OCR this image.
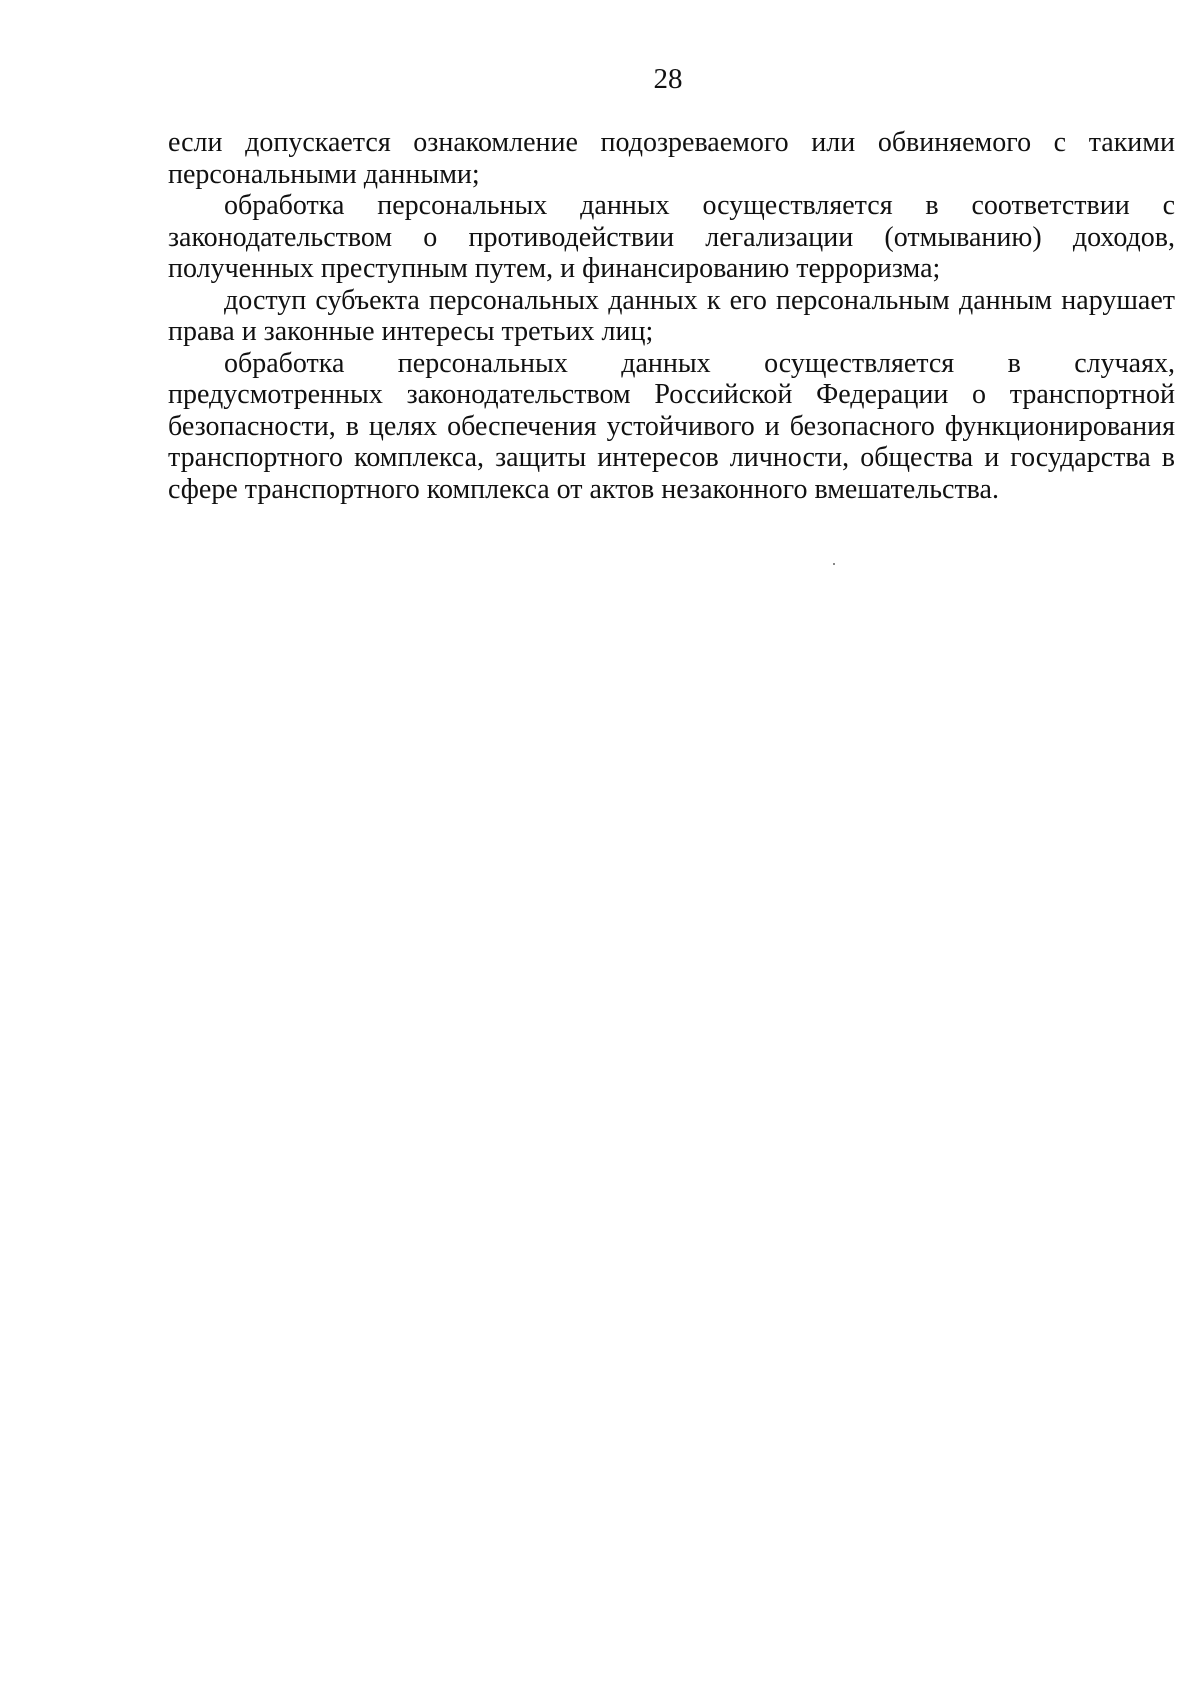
28

если допускается ознакомление подозреваемого или обвиняемого с такими
персональными данными;

обработка персональных данных осуществляется в соответствии с
законодательством о противодействии легализации (отмыванию) доходов,
полученных преступным путем, и финансированию терроризма;

доступ субъекта персональных данных к его персональным данным нарушает
права и законные интересы третьих лиц;

обработка персональных данных осуществляется в случаях,
предусмотренных законодательством Российской Федерации о транспортной
безопасности, в целях обеспечения устойчивого и безопасного функционирования
транспортного комплекса, защиты интересов личности, общества и государства в
сфере транспортного комплекса от актов незаконного вмешательства.
